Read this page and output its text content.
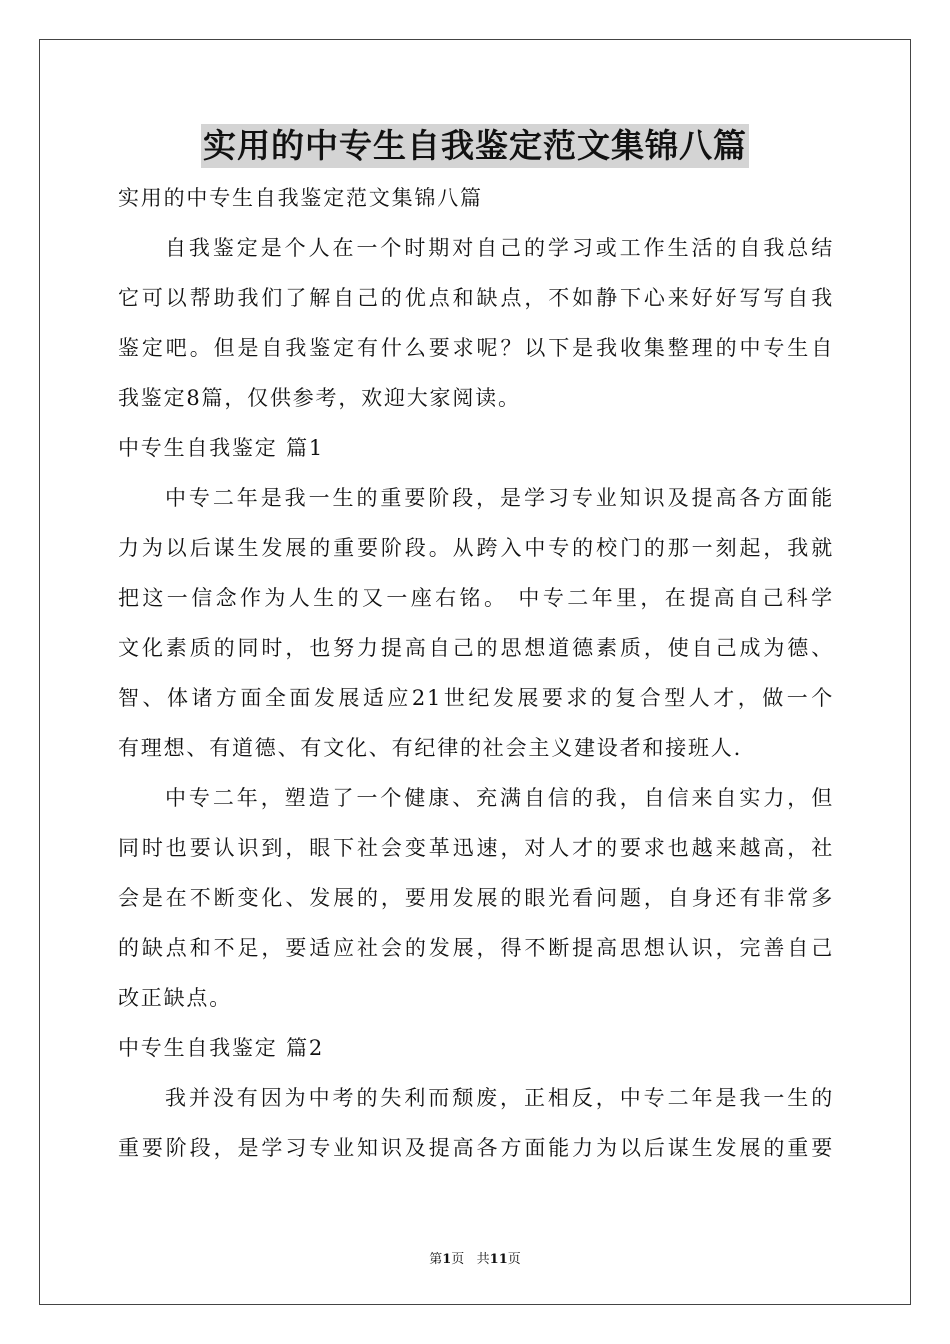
实用的中专生自我鉴定范文集锦八篇
实用的中专生自我鉴定范文集锦八篇
自我鉴定是个人在一个时期对自己的学习或工作生活的自我总结
它可以帮助我们了解自己的优点和缺点，不如静下心来好好写写自我
鉴定吧。但是自我鉴定有什么要求呢？以下是我收集整理的中专生自
我鉴定8篇，仅供参考，欢迎大家阅读。
中专生自我鉴定 篇1
中专二年是我一生的重要阶段，是学习专业知识及提高各方面能
力为以后谋生发展的重要阶段。从跨入中专的校门的那一刻起，我就
把这一信念作为人生的又一座右铭。 中专二年里，在提高自己科学
文化素质的同时，也努力提高自己的思想道德素质，使自己成为德、
智、体诸方面全面发展适应21世纪发展要求的复合型人才，做一个
有理想、有道德、有文化、有纪律的社会主义建设者和接班人.
中专二年，塑造了一个健康、充满自信的我，自信来自实力，但
同时也要认识到，眼下社会变革迅速，对人才的要求也越来越高，社
会是在不断变化、发展的，要用发展的眼光看问题，自身还有非常多
的缺点和不足，要适应社会的发展，得不断提高思想认识，完善自己
改正缺点。
中专生自我鉴定 篇2
我并没有因为中考的失利而颓废，正相反，中专二年是我一生的
重要阶段，是学习专业知识及提高各方面能力为以后谋生发展的重要
第1页   共11页
